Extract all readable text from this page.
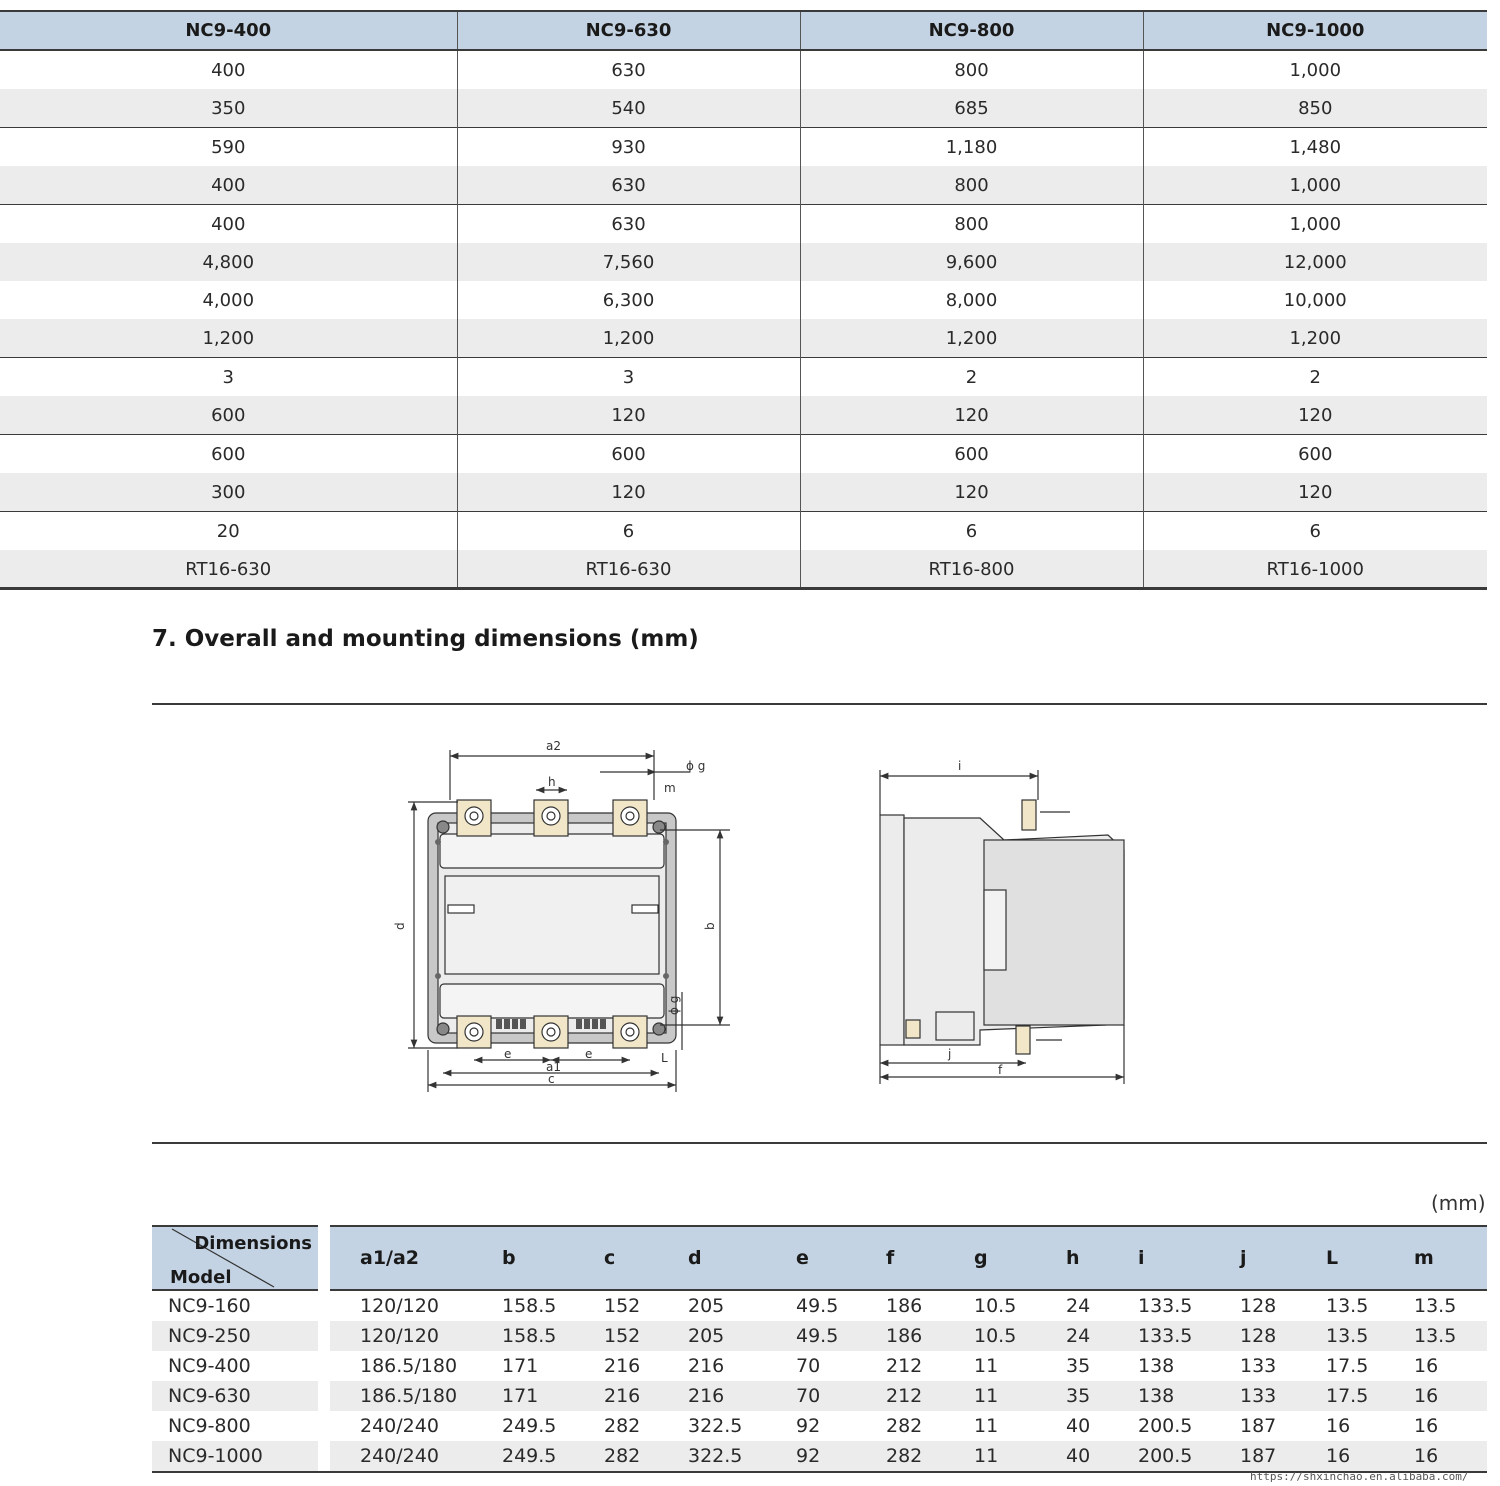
NC9-400	NC9-630	NC9-800	NC9-1000
400	630	800	1,000
350	540	685	850
590	930	1,180	1,480
400	630	800	1,000
400	630	800	1,000
4,800	7,560	9,600	12,000
4,000	6,300	8,000	10,000
1,200	1,200	1,200	1,200
3	3	2	2
600	120	120	120
600	600	600	600
300	120	120	120
20	6	6	6
RT16-630	RT16-630	RT16-800	RT16-1000
7. Overall and mounting dimensions (mm)
a2
h
ϕ g
m
d	b
ϕ g
e	e
a1
c
L
i
j
f
(mm)
Dimensions
Model		a1/a2	b	c	d	e	f	g	h	i	j	L	m
NC9-160		120/120	158.5	152	205	49.5	186	10.5	24	133.5	128	13.5	13.5
NC9-250		120/120	158.5	152	205	49.5	186	10.5	24	133.5	128	13.5	13.5
NC9-400		186.5/180	171	216	216	70	212	11	35	138	133	17.5	16
NC9-630		186.5/180	171	216	216	70	212	11	35	138	133	17.5	16
NC9-800		240/240	249.5	282	322.5	92	282	11	40	200.5	187	16	16
NC9-1000		240/240	249.5	282	322.5	92	282	11	40	200.5	187	16	16
https://shxinchao.en.alibaba.com/
